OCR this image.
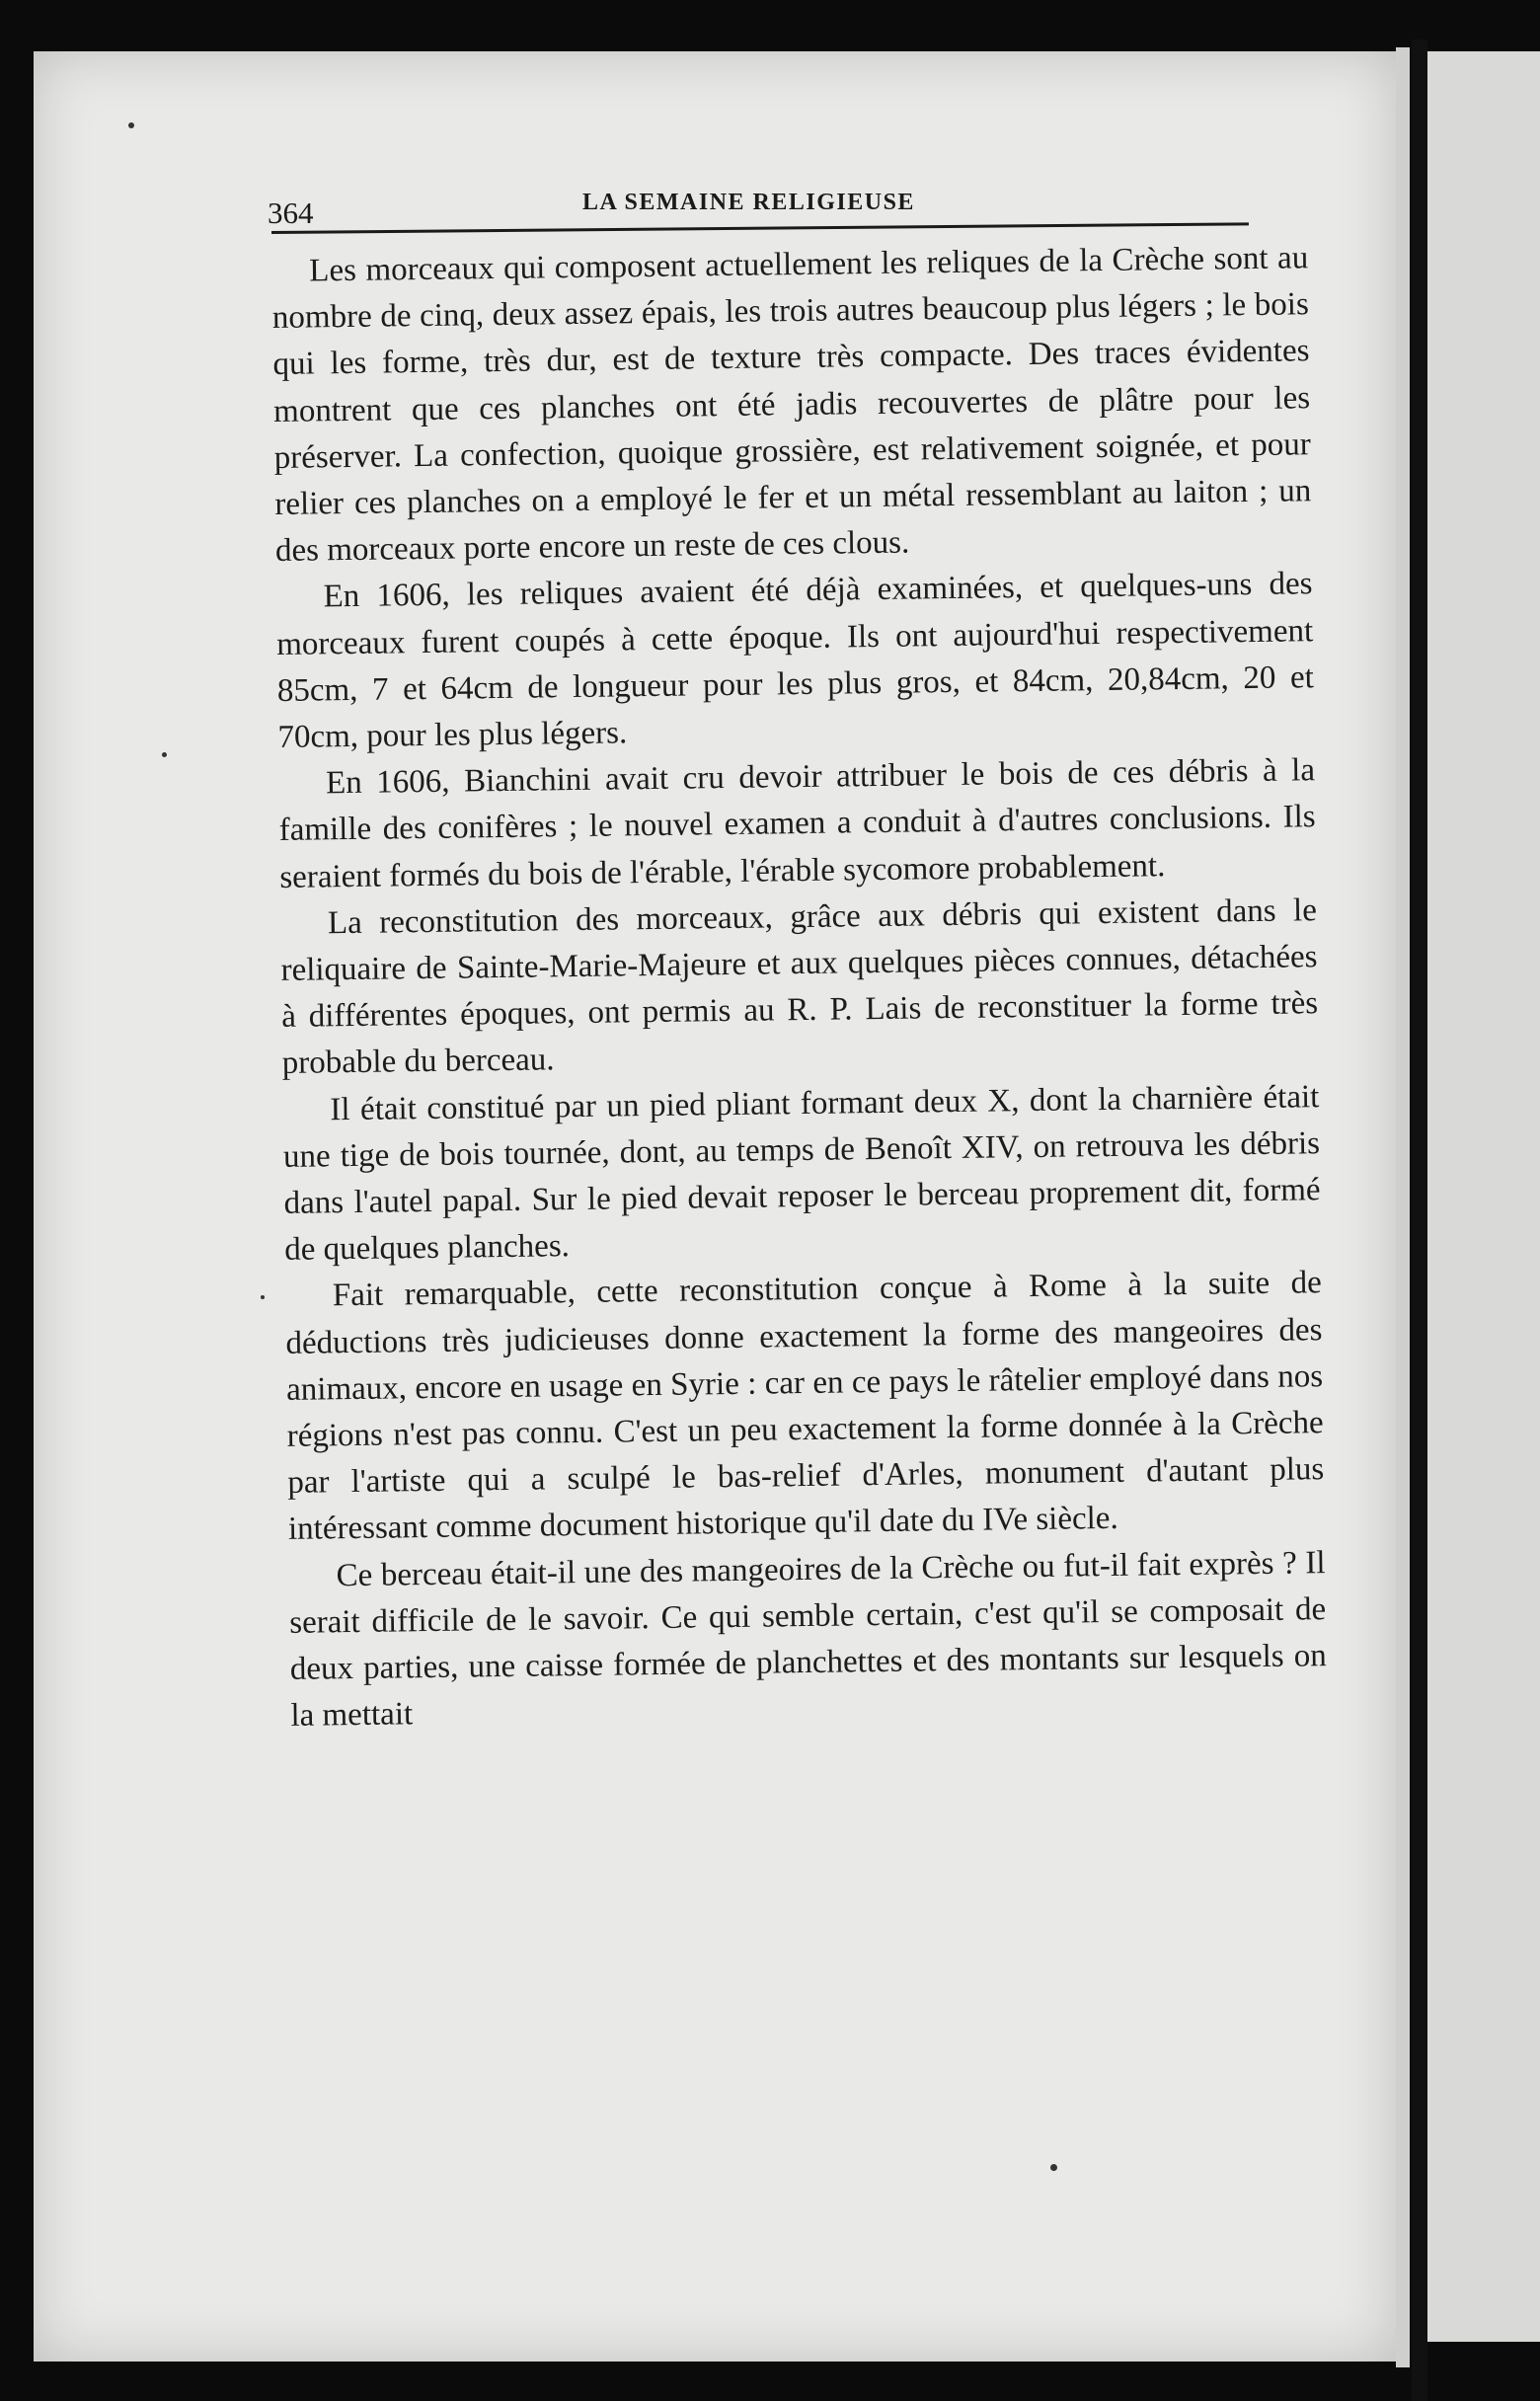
364	LA SEMAINE RELIGIEUSE

Les morceaux qui composent actuellement les reliques de la Crèche sont au nombre de cinq, deux assez épais, les trois autres beaucoup plus légers ; le bois qui les forme, très dur, est de texture très compacte. Des traces évidentes montrent que ces planches ont été jadis recouvertes de plâtre pour les préserver. La confection, quoique grossière, est relativement soignée, et pour relier ces planches on a employé le fer et un métal ressemblant au laiton ; un des morceaux porte encore un reste de ces clous.

En 1606, les reliques avaient été déjà examinées, et quelques-uns des morceaux furent coupés à cette époque. Ils ont aujourd'hui respectivement 85cm, 7 et 64cm de longueur pour les plus gros, et 84cm, 20,84cm, 20 et 70cm, pour les plus légers.

En 1606, Bianchini avait cru devoir attribuer le bois de ces débris à la famille des conifères ; le nouvel examen a conduit à d'autres conclusions. Ils seraient formés du bois de l'érable, l'érable sycomore probablement.

La reconstitution des morceaux, grâce aux débris qui existent dans le reliquaire de Sainte-Marie-Majeure et aux quelques pièces connues, détachées à différentes époques, ont permis au R. P. Lais de reconstituer la forme très probable du berceau.

Il était constitué par un pied pliant formant deux X, dont la charnière était une tige de bois tournée, dont, au temps de Benoît XIV, on retrouva les débris dans l'autel papal. Sur le pied devait reposer le berceau proprement dit, formé de quelques planches.

Fait remarquable, cette reconstitution conçue à Rome à la suite de déductions très judicieuses donne exactement la forme des mangeoires des animaux, encore en usage en Syrie : car en ce pays le râtelier employé dans nos régions n'est pas connu. C'est un peu exactement la forme donnée à la Crèche par l'artiste qui a sculpé le bas-relief d'Arles, monument d'autant plus intéressant comme document historique qu'il date du IVe siècle.

Ce berceau était-il une des mangeoires de la Crèche ou fut-il fait exprès ? Il serait difficile de le savoir. Ce qui semble certain, c'est qu'il se composait de deux parties, une caisse formée de planchettes et des montants sur lesquels on la mettait
